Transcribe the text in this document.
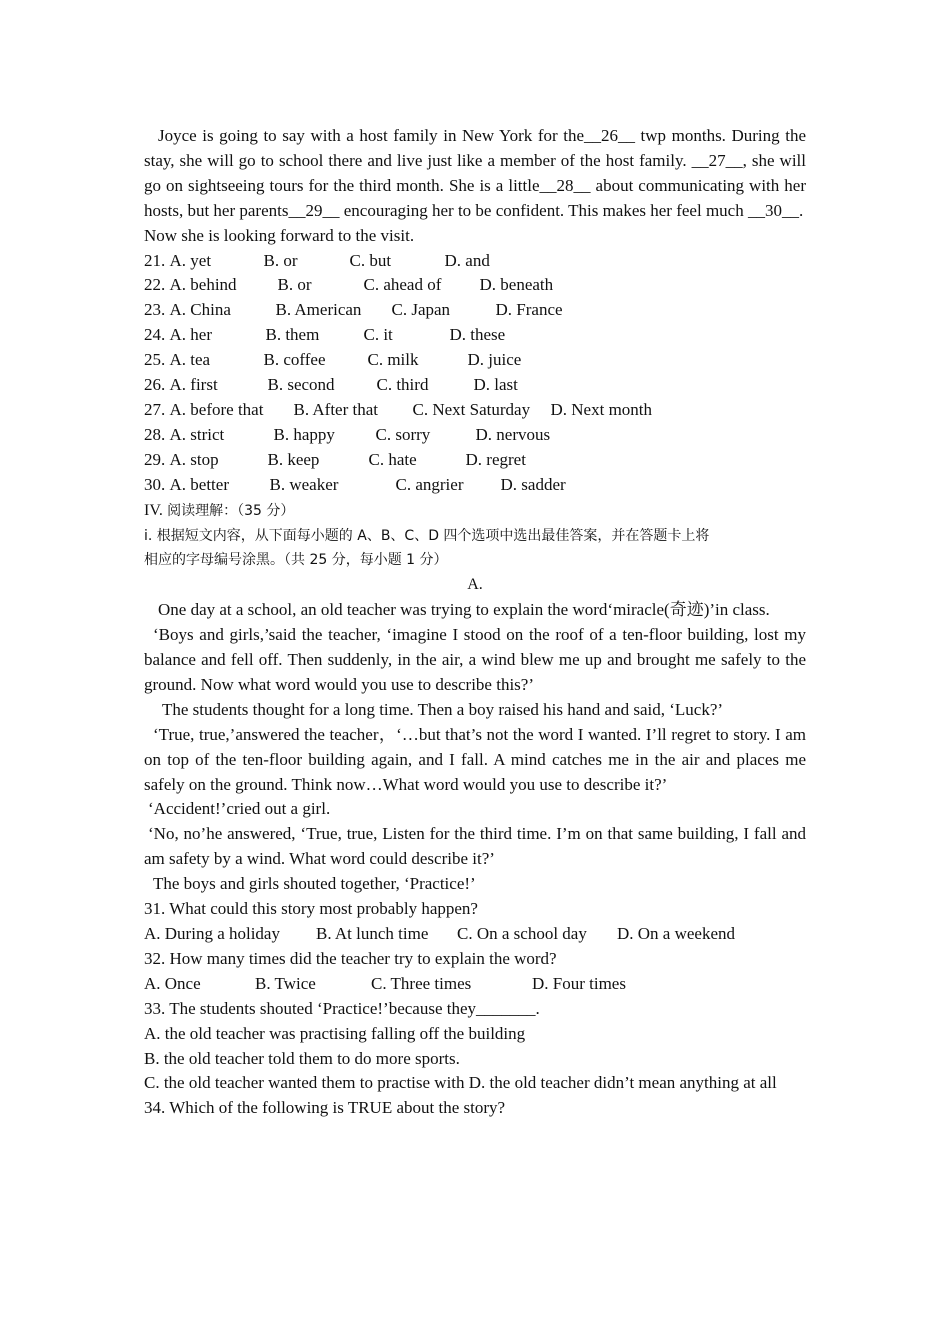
Joyce is going to say with a host family in New York for the__26__ twp months. During the stay, she will go to school there and live just like a member of the host family. __27__, she will go on sightseeing tours for the third month. She is a little__28__ about communicating with her hosts, but her parents__29__ encouraging her to be confident. This makes her feel much __30__.
Now she is looking forward to the visit.
21. A. yet	B. or	C. but	D. and
22. A. behind B. or	C. ahead of D. beneath
23. A. China	B. American C. Japan	D. France
24. A. her	B. them	C. it	D. these
25. A. tea	B. coffee C. milk	D. juice
26. A. first	B. second C. third	D. last
27. A. before that B. After that C. Next Saturday D. Next month
28. A. strict	B. happy C. sorry	D. nervous
29. A. stop	B. keep	C. hate	D. regret
30. A. better B. weaker	C. angrier D. sadder
IV. 阅读理解：（35 分）
i. 根据短文内容，从下面每小题的 A、B、C、D 四个选项中选出最佳答案，并在答题卡上将
相应的字母编号涂黑。（共 25 分，每小题 1 分）
A.
One day at a school, an old teacher was trying to explain the word‘miracle(奇迹)’in class.
‘Boys and girls,’said the teacher, ‘imagine I stood on the roof of a ten-floor building, lost my balance and fell off. Then suddenly, in the air, a wind blew me up and brought me safely to the ground. Now what word would you use to describe this?’
The students thought for a long time. Then a boy raised his hand and said, ‘Luck?’
‘True, true,’answered the teacher，‘…but that’s not the word I wanted. I’ll regret to story. I am on top of the ten-floor building again, and I fall. A mind catches me in the air and places me safely on the ground. Think now…What word would you use to describe it?’
‘Accident!’cried out a girl.
‘No, no’he answered, ‘True, true, Listen for the third time. I’m on that same building, I fall and am safety by a wind. What word could describe it?’
The boys and girls shouted together, ‘Practice!’
31. What could this story most probably happen?
A. During a holiday B. At lunch time C. On a school day D. On a weekend
32. How many times did the teacher try to explain the word?
A. Once	B. Twice	C. Three times	D. Four times
33. The students shouted ‘Practice!’because they_______.
A. the old teacher was practising falling off the building
B. the old teacher told them to do more sports.
C. the old teacher wanted them to practise with D. the old teacher didn’t mean anything at all
34. Which of the following is TRUE about the story?
